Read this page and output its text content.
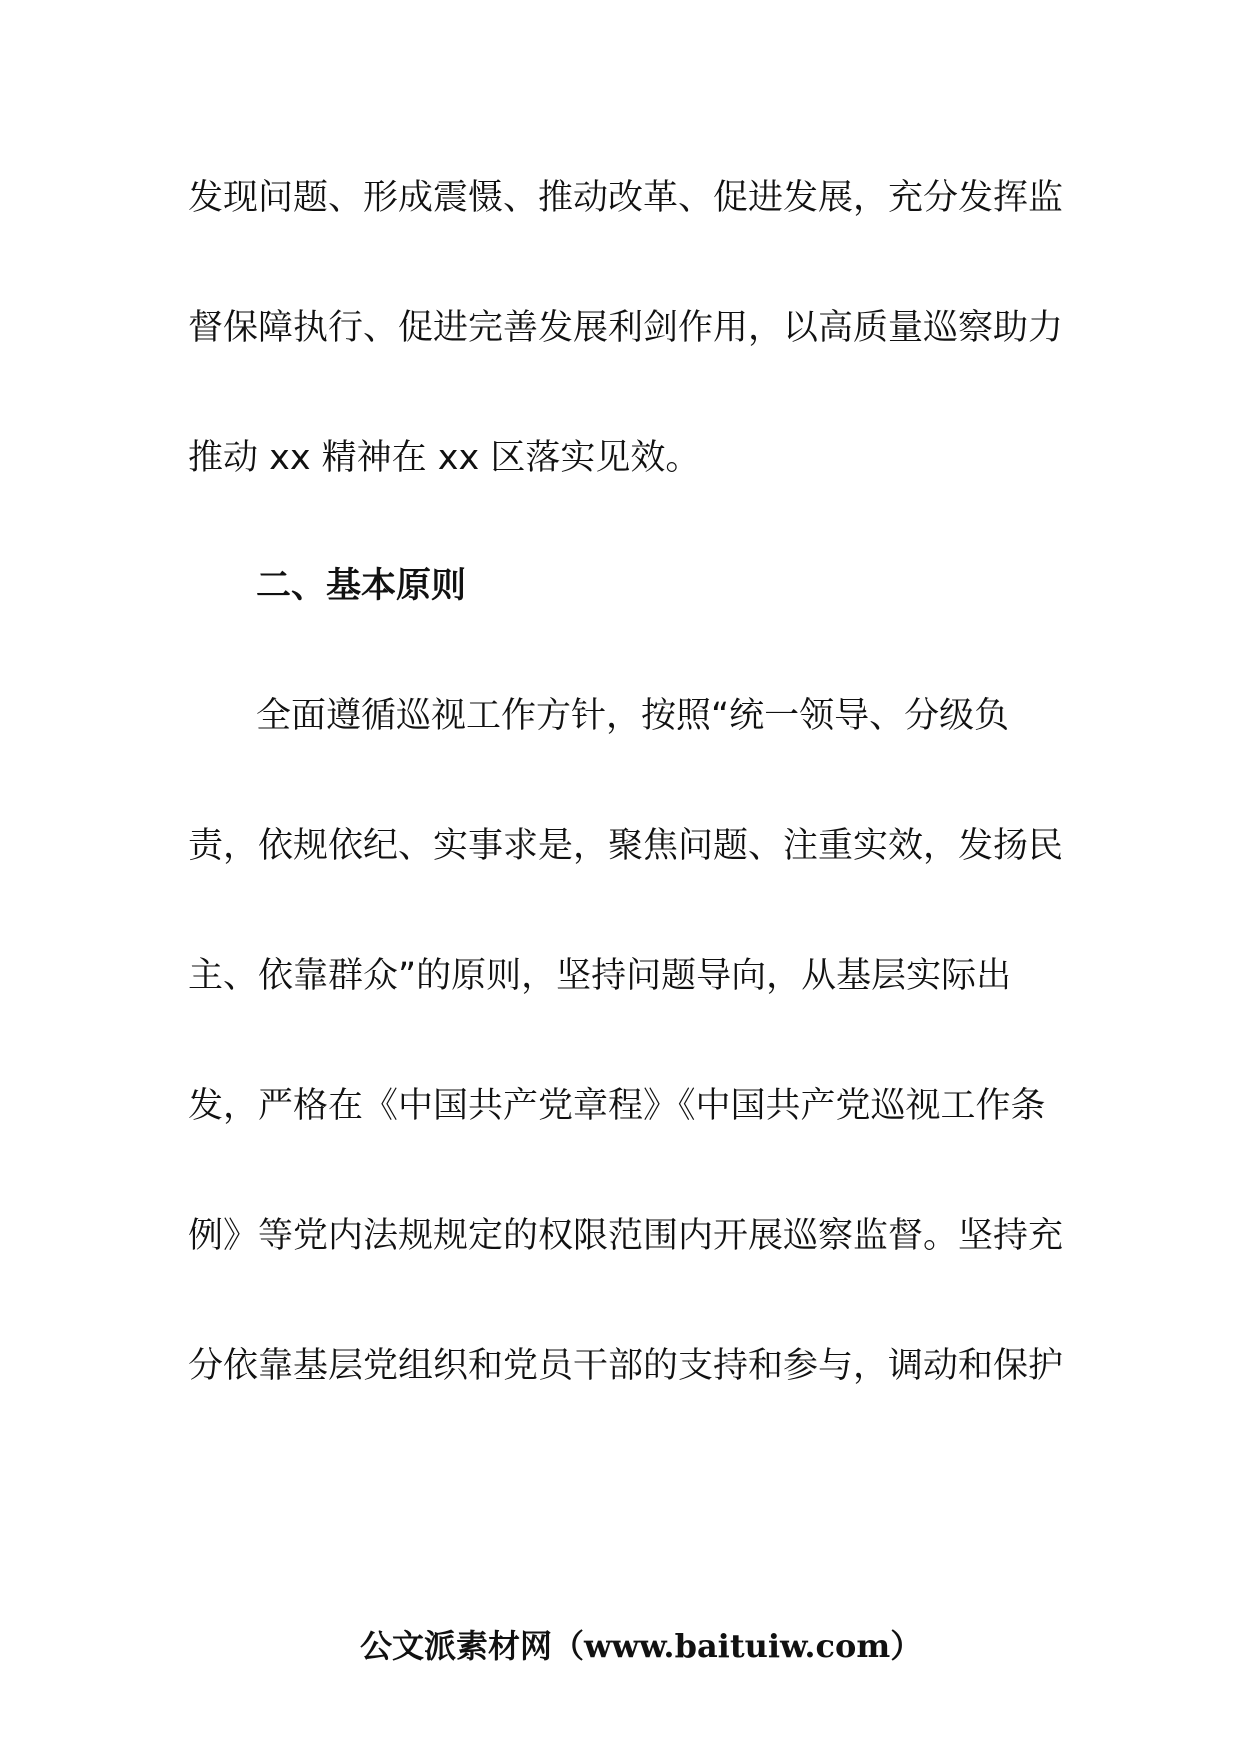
发现问题、形成震慑、推动改革、促进发展，充分发挥监
督保障执行、促进完善发展利剑作用，以高质量巡察助力
推动 xx 精神在 xx 区落实见效。
二、基本原则
全面遵循巡视工作方针，按照“统一领导、分级负
责，依规依纪、实事求是，聚焦问题、注重实效，发扬民
主、依靠群众”的原则，坚持问题导向，从基层实际出
发，严格在《中国共产党章程》《中国共产党巡视工作条
例》等党内法规规定的权限范围内开展巡察监督。坚持充
分依靠基层党组织和党员干部的支持和参与，调动和保护
公文派素材网（www.baituiw.com）
